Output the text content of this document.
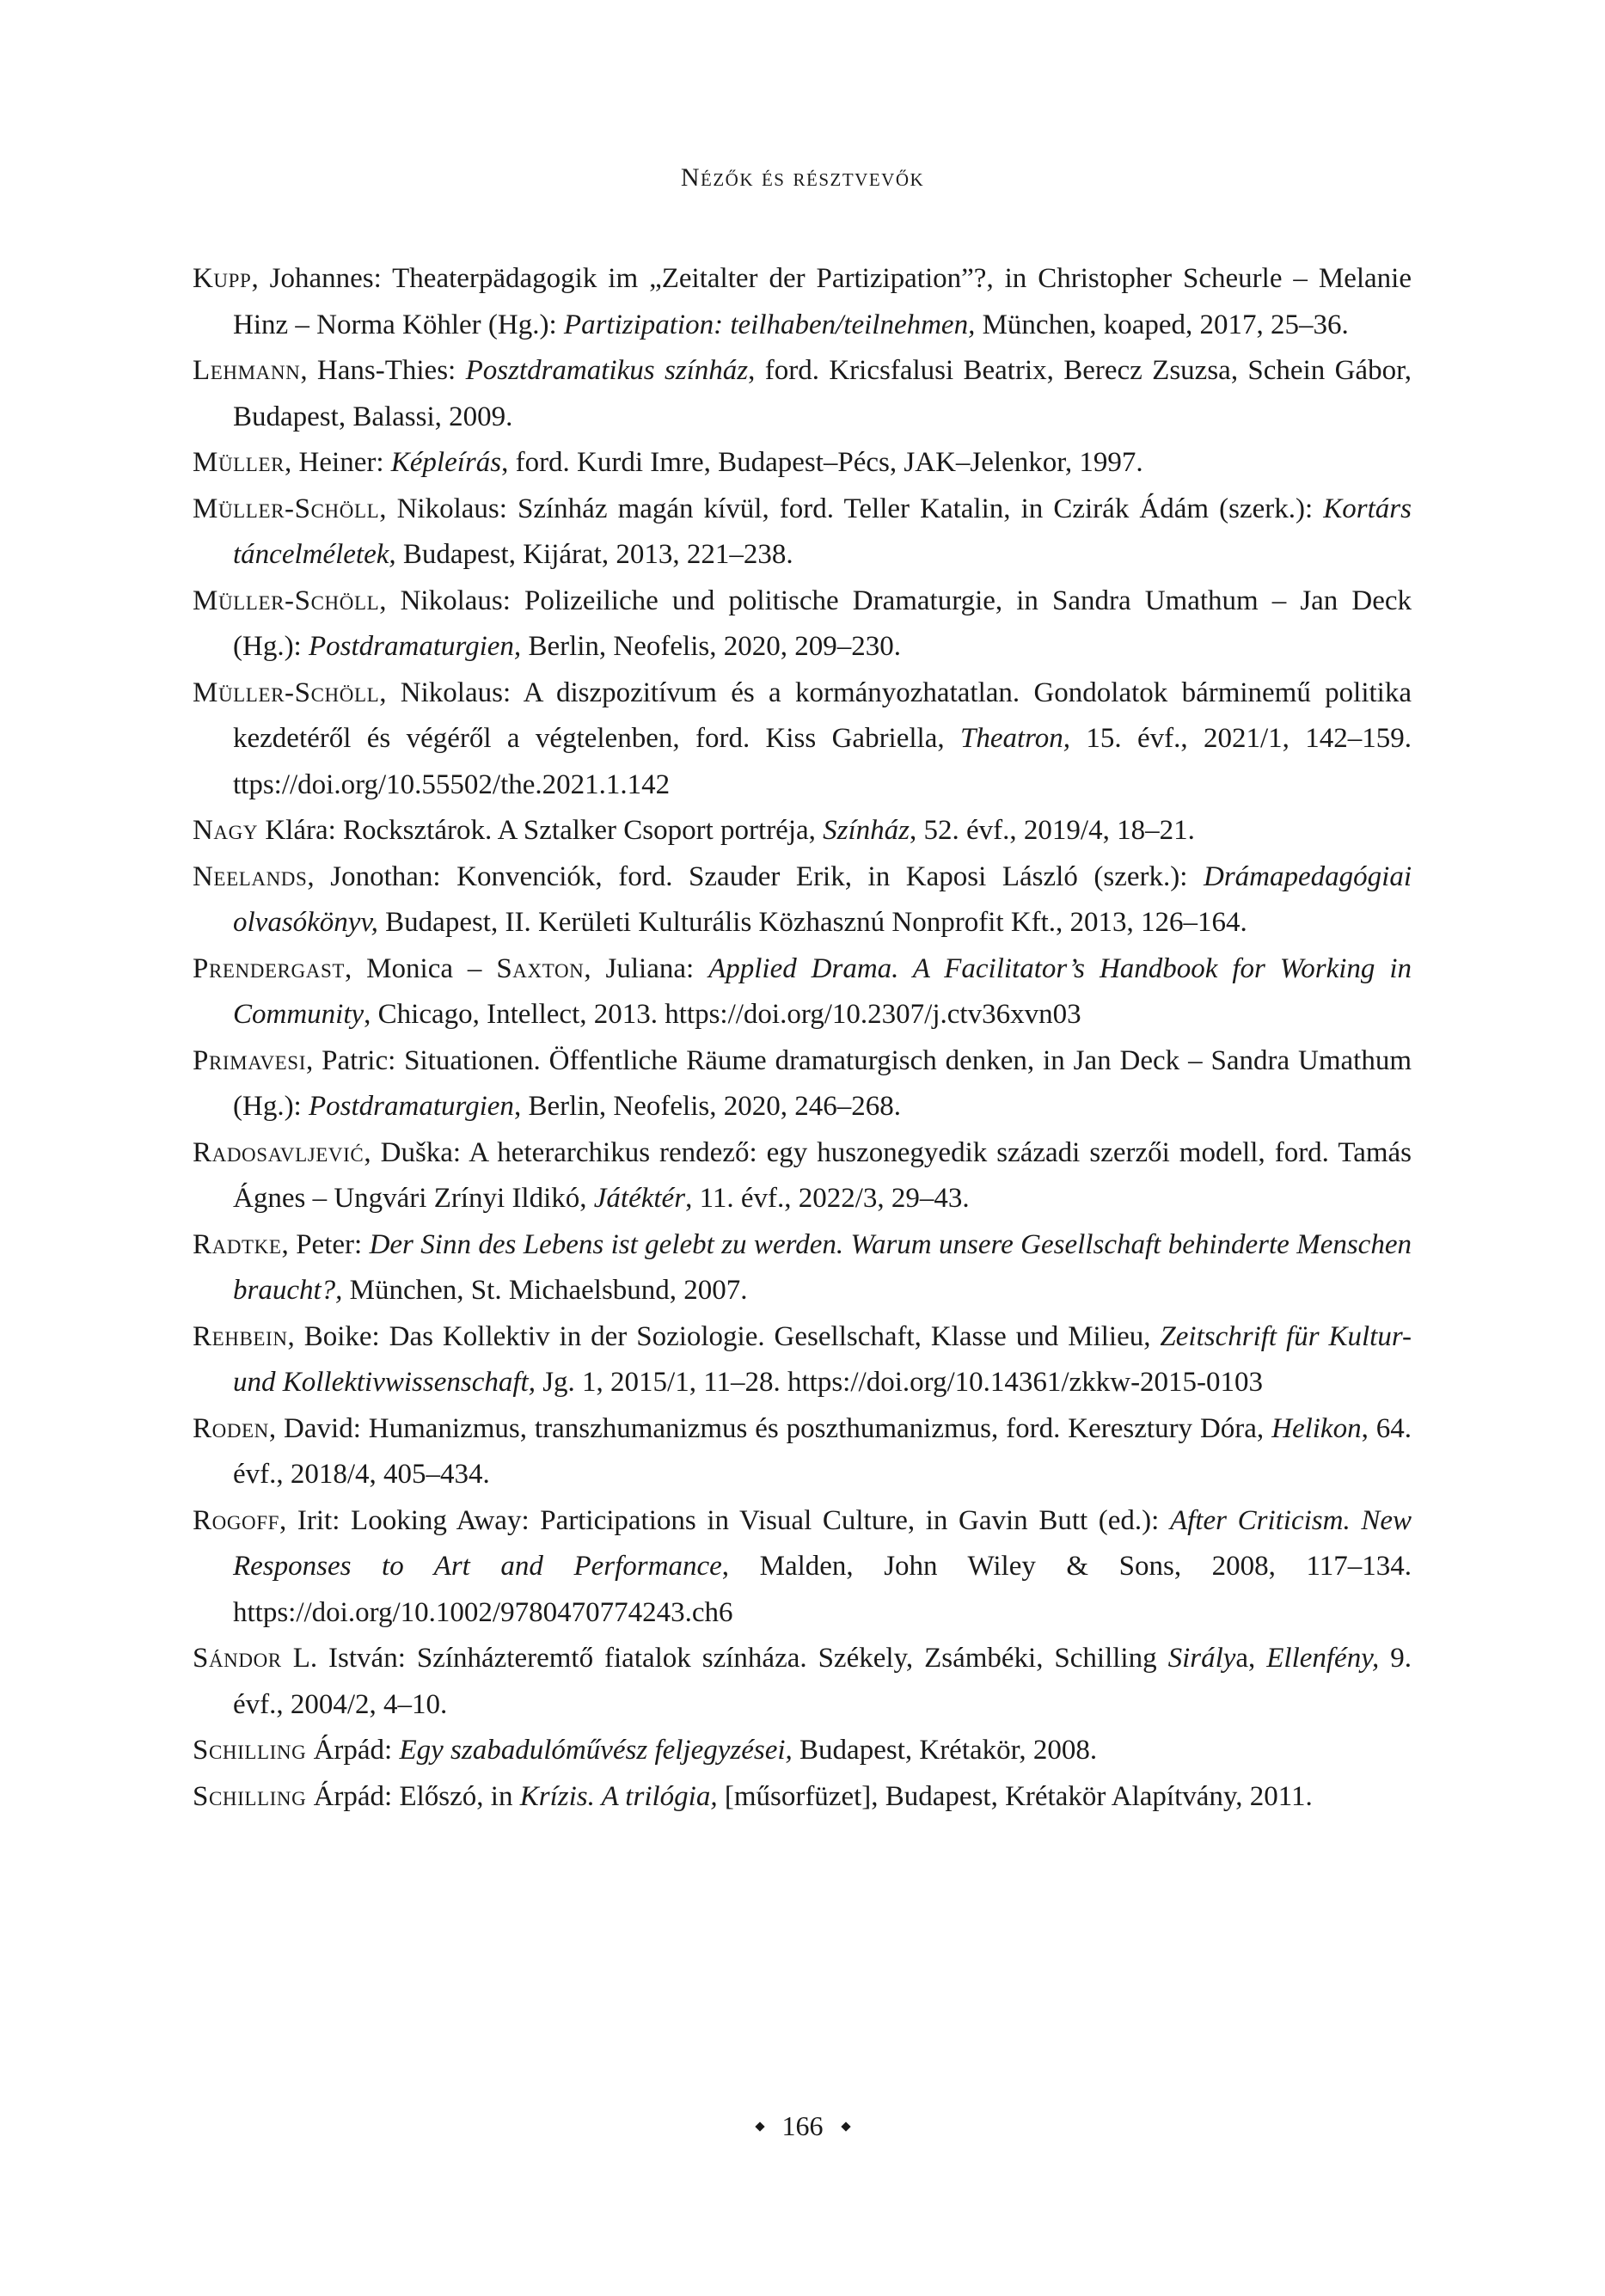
Nézők és résztvevők
Kupp, Johannes: Theaterpädagogik im „Zeitalter der Partizipation”?, in Christopher Scheurle – Melanie Hinz – Norma Köhler (Hg.): Partizipation: teilhaben/teilnehmen, München, koaped, 2017, 25–36.
Lehmann, Hans-Thies: Posztdramatikus színház, ford. Kricsfalusi Beatrix, Berecz Zsuzsa, Schein Gábor, Budapest, Balassi, 2009.
Müller, Heiner: Képleírás, ford. Kurdi Imre, Budapest–Pécs, JAK–Jelenkor, 1997.
Müller-Schöll, Nikolaus: Színház magán kívül, ford. Teller Katalin, in Czirák Ádám (szerk.): Kortárs táncelméletek, Budapest, Kijárat, 2013, 221–238.
Müller-Schöll, Nikolaus: Polizeiliche und politische Dramaturgie, in Sandra Umathum – Jan Deck (Hg.): Postdramaturgien, Berlin, Neofelis, 2020, 209–230.
Müller-Schöll, Nikolaus: A diszpozitívum és a kormányozhatatlan. Gondolatok bárminemű politika kezdetéről és végéről a végtelenben, ford. Kiss Gabriella, Theatron, 15. évf., 2021/1, 142–159. ttps://doi.org/10.55502/the.2021.1.142
Nagy Klára: Rocksztárok. A Sztalker Csoport portréja, Színház, 52. évf., 2019/4, 18–21.
Neelands, Jonothan: Konvenciók, ford. Szauder Erik, in Kaposi László (szerk.): Drámapedagógiai olvasókönyv, Budapest, II. Kerületi Kulturális Közhasznú Nonprofit Kft., 2013, 126–164.
Prendergast, Monica – Saxton, Juliana: Applied Drama. A Facilitator’s Handbook for Working in Community, Chicago, Intellect, 2013. https://doi.org/10.2307/j.ctv36xvn03
Primavesi, Patric: Situationen. Öffentliche Räume dramaturgisch denken, in Jan Deck – Sandra Umathum (Hg.): Postdramaturgien, Berlin, Neofelis, 2020, 246–268.
Radosavljević, Duška: A heterarchikus rendező: egy huszonegyedik századi szerzői modell, ford. Tamás Ágnes – Ungvári Zrínyi Ildikó, Játéktér, 11. évf., 2022/3, 29–43.
Radtke, Peter: Der Sinn des Lebens ist gelebt zu werden. Warum unsere Gesellschaft behinderte Menschen braucht?, München, St. Michaelsbund, 2007.
Rehbein, Boike: Das Kollektiv in der Soziologie. Gesellschaft, Klasse und Milieu, Zeitschrift für Kultur- und Kollektivwissenschaft, Jg. 1, 2015/1, 11–28. https://doi.org/10.14361/zkkw-2015-0103
Roden, David: Humanizmus, transzhumanizmus és poszthumanizmus, ford. Keresztury Dóra, Helikon, 64. évf., 2018/4, 405–434.
Rogoff, Irit: Looking Away: Participations in Visual Culture, in Gavin Butt (ed.): After Criticism. New Responses to Art and Performance, Malden, John Wiley & Sons, 2008, 117–134. https://doi.org/10.1002/9780470774243.ch6
Sándor L. István: Színházteremtő fiatalok színháza. Székely, Zsámbéki, Schilling Sirálya, Ellenfény, 9. évf., 2004/2, 4–10.
Schilling Árpád: Egy szabadulóművész feljegyzései, Budapest, Krétakör, 2008.
Schilling Árpád: Előszó, in Krízis. A trilógia, [műsorfüzet], Budapest, Krétakör Alapítvány, 2011.
166
